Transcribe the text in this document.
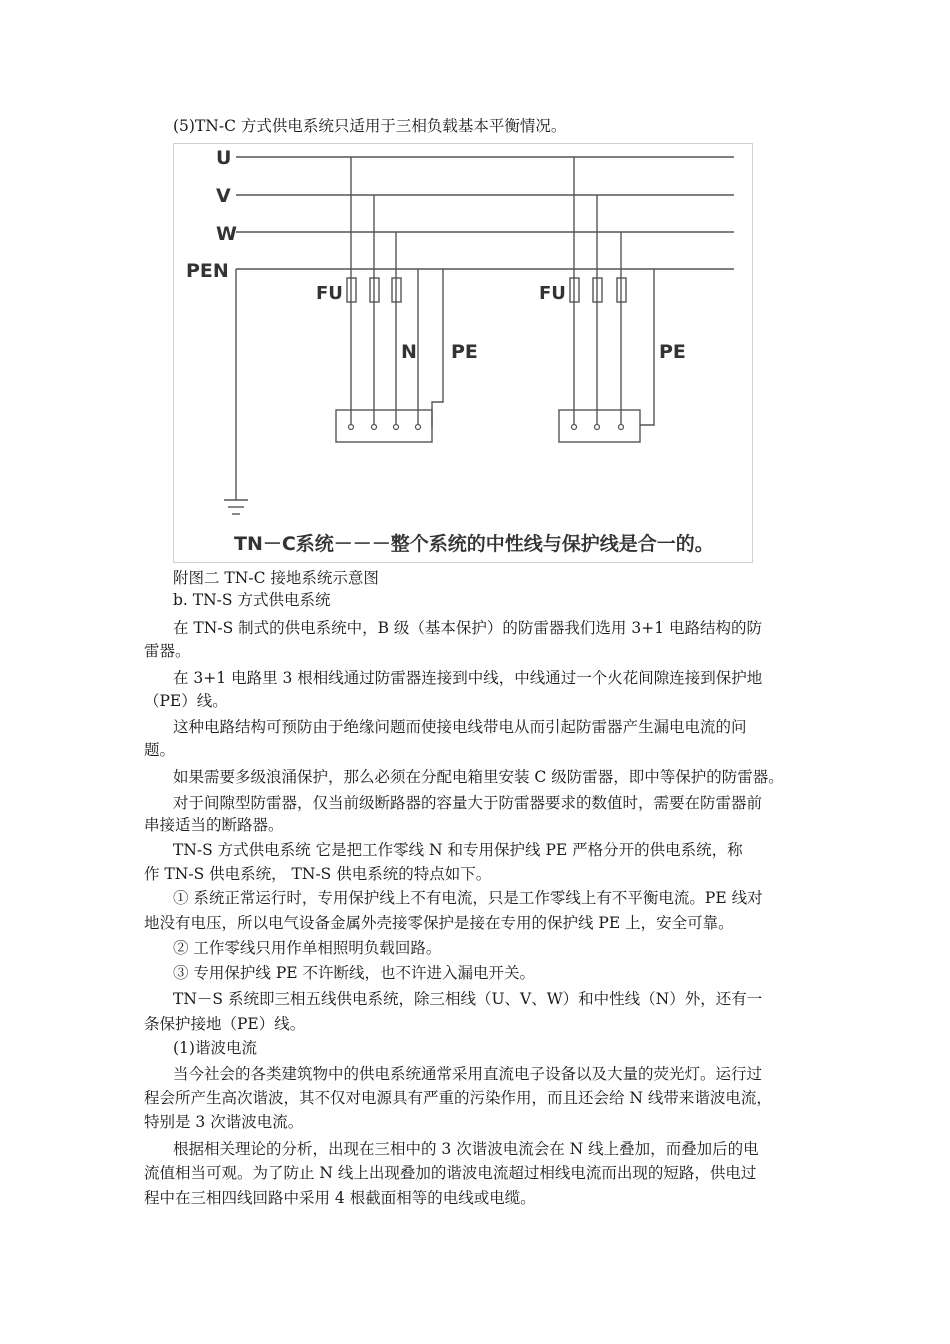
(5)TN-C 方式供电系统只适用于三相负载基本平衡情况。

U
V
W
PEN
FU	FU
N PE	PE
TN－C系统－－－整个系统的中性线与保护线是合一的。

附图二 TN-C 接地系统示意图

b. TN-S 方式供电系统

在 TN-S 制式的供电系统中，B 级（基本保护）的防雷器我们选用 3+1 电路结构的防

雷器。

在 3+1 电路里 3 根相线通过防雷器连接到中线，中线通过一个火花间隙连接到保护地

（PE）线。

这种电路结构可预防由于绝缘问题而使接电线带电从而引起防雷器产生漏电电流的问

题。

如果需要多级浪涌保护，那么必须在分配电箱里安装 C 级防雷器，即中等保护的防雷器。

对于间隙型防雷器，仅当前级断路器的容量大于防雷器要求的数值时，需要在防雷器前

串接适当的断路器。

TN-S 方式供电系统 它是把工作零线 N 和专用保护线 PE 严格分开的供电系统，称

作 TN-S 供电系统， TN-S 供电系统的特点如下。

① 系统正常运行时，专用保护线上不有电流，只是工作零线上有不平衡电流。PE 线对

地没有电压，所以电气设备金属外壳接零保护是接在专用的保护线 PE 上，安全可靠。

② 工作零线只用作单相照明负载回路。

③ 专用保护线 PE 不许断线，也不许进入漏电开关。

TN－S 系统即三相五线供电系统，除三相线（U、V、W）和中性线（N）外，还有一

条保护接地（PE）线。

(1)谐波电流

当今社会的各类建筑物中的供电系统通常采用直流电子设备以及大量的荧光灯。运行过

程会所产生高次谐波，其不仅对电源具有严重的污染作用，而且还会给 N 线带来谐波电流，

特别是 3 次谐波电流。

根据相关理论的分析，出现在三相中的 3 次谐波电流会在 N 线上叠加，而叠加后的电

流值相当可观。为了防止 N 线上出现叠加的谐波电流超过相线电流而出现的短路，供电过

程中在三相四线回路中采用 4 根截面相等的电线或电缆。
